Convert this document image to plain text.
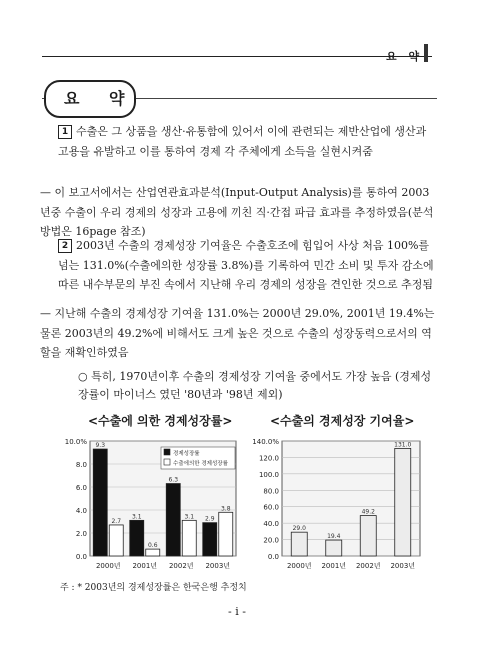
요 약
요 약
1 수출은 그 상품을 생산·유통함에 있어서 이에 관련되는 제반산업에 생산과 고용을 유발하고 이를 통하여 경제 각 주체에게 소득을 실현시켜줌
— 이 보고서에서는 산업연관효과분석(Input-Output Analysis)를 통하여 2003년중 수출이 우리 경제의 성장과 고용에 끼친 직·간접 파급 효과를 추정하였음(분석방법은 16page 참조)
2 2003년 수출의 경제성장 기여율은 수출호조에 힘입어 사상 처음 100%를 넘는 131.0%(수출에의한 성장률 3.8%)를 기록하여 민간 소비 및 투자 감소에 따른 내수부문의 부진 속에서 지난해 우리 경제의 성장을 견인한 것으로 추정됨
— 지난해 수출의 경제성장 기여율 131.0%는 2000년 29.0%, 2001년 19.4%는 물론 2003년의 49.2%에 비해서도 크게 높은 것으로 수출의 성장동력으로서의 역할을 재확인하였음
○ 특히, 1970년이후 수출의 경제성장 기여율 중에서도 가장 높음 (경제성장률이 마이너스 였던 '80년과 '98년 제외)
<수출에 의한 경제성장률>	<수출의 경제성장 기여율>
0.0
2.0
4.0
6.0
8.0
10.0%
2000년 2001년 2002년 2003년
9.3
3.1
6.3
2.9
2.7
0.6
3.1
3.8
경제성장률
수출에의한 경제성장률
0.0
20.0
40.0
60.0
80.0
100.0
120.0
140.0%
2000년 2001년 2002년 2003년
29.0
19.4
49.2
131.0
주 : * 2003년의 경제성장률은 한국은행 추정치
- i -
